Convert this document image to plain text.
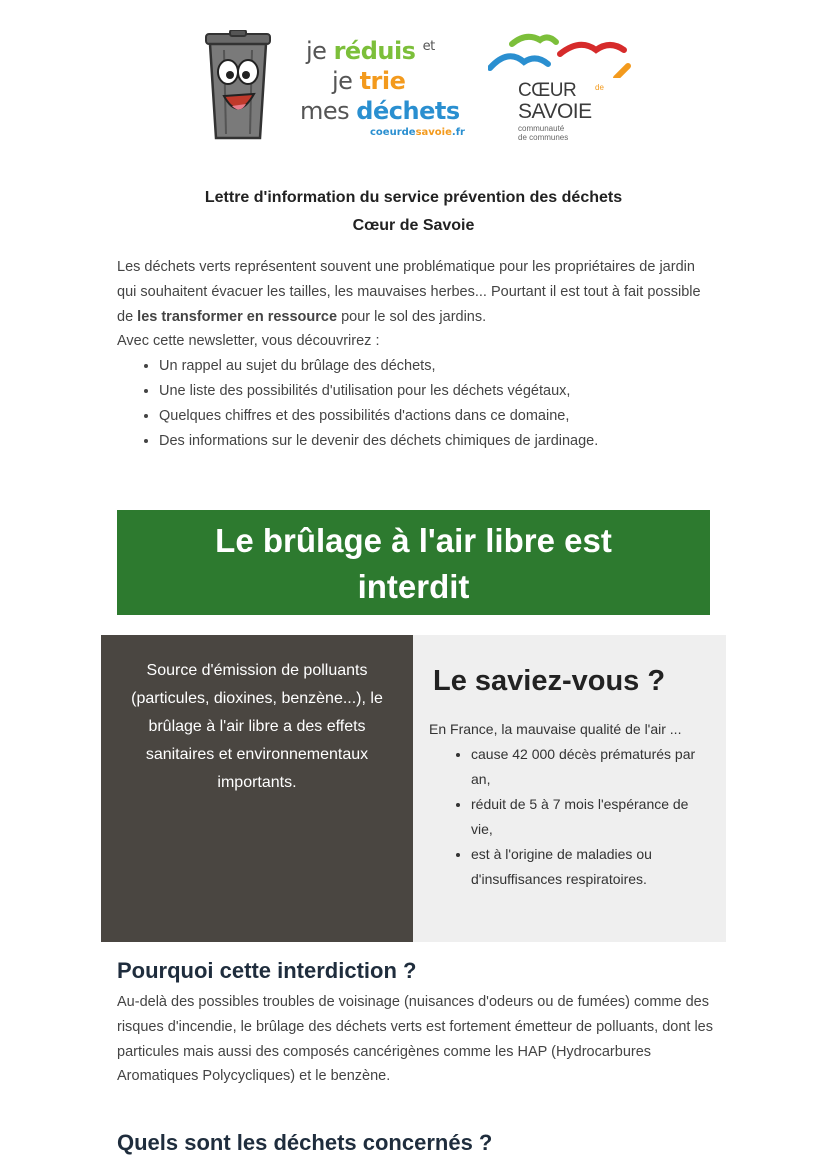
je réduis $^{et}$
je trie
mes déchets
coeurdesavoie.fr
CŒUR de
SAVOIE
communauté
de communes
Lettre d'information du service prévention des déchets
Cœur de Savoie

Les déchets verts représentent souvent une problématique pour les propriétaires de jardin qui souhaitent évacuer les tailles, les mauvaises herbes... Pourtant il est tout à fait possible de les transformer en ressource pour le sol des jardins.

Avec cette newsletter, vous découvrirez :

• Un rappel au sujet du brûlage des déchets,
• Une liste des possibilités d'utilisation pour les déchets végétaux,
• Quelques chiffres et des possibilités d'actions dans ce domaine,
• Des informations sur le devenir des déchets chimiques de jardinage.
Le brûlage à l'air libre est
interdit
Source d'émission de polluants (particules, dioxines, benzène...), le brûlage à l'air libre a des effets sanitaires et environnementaux importants.
Le saviez-vous ?

En France, la mauvaise qualité de l'air ...

• cause 42 000 décès prématurés par an,
• réduit de 5 à 7 mois l'espérance de vie,
• est à l'origine de maladies ou d'insuffisances respiratoires.
Pourquoi cette interdiction ?
Au-delà des possibles troubles de voisinage (nuisances d'odeurs ou de fumées) comme des risques d'incendie, le brûlage des déchets verts est fortement émetteur de polluants, dont les particules mais aussi des composés cancérigènes comme les HAP (Hydrocarbures Aromatiques Polycycliques) et le benzène.
Quels sont les déchets concernés ?
